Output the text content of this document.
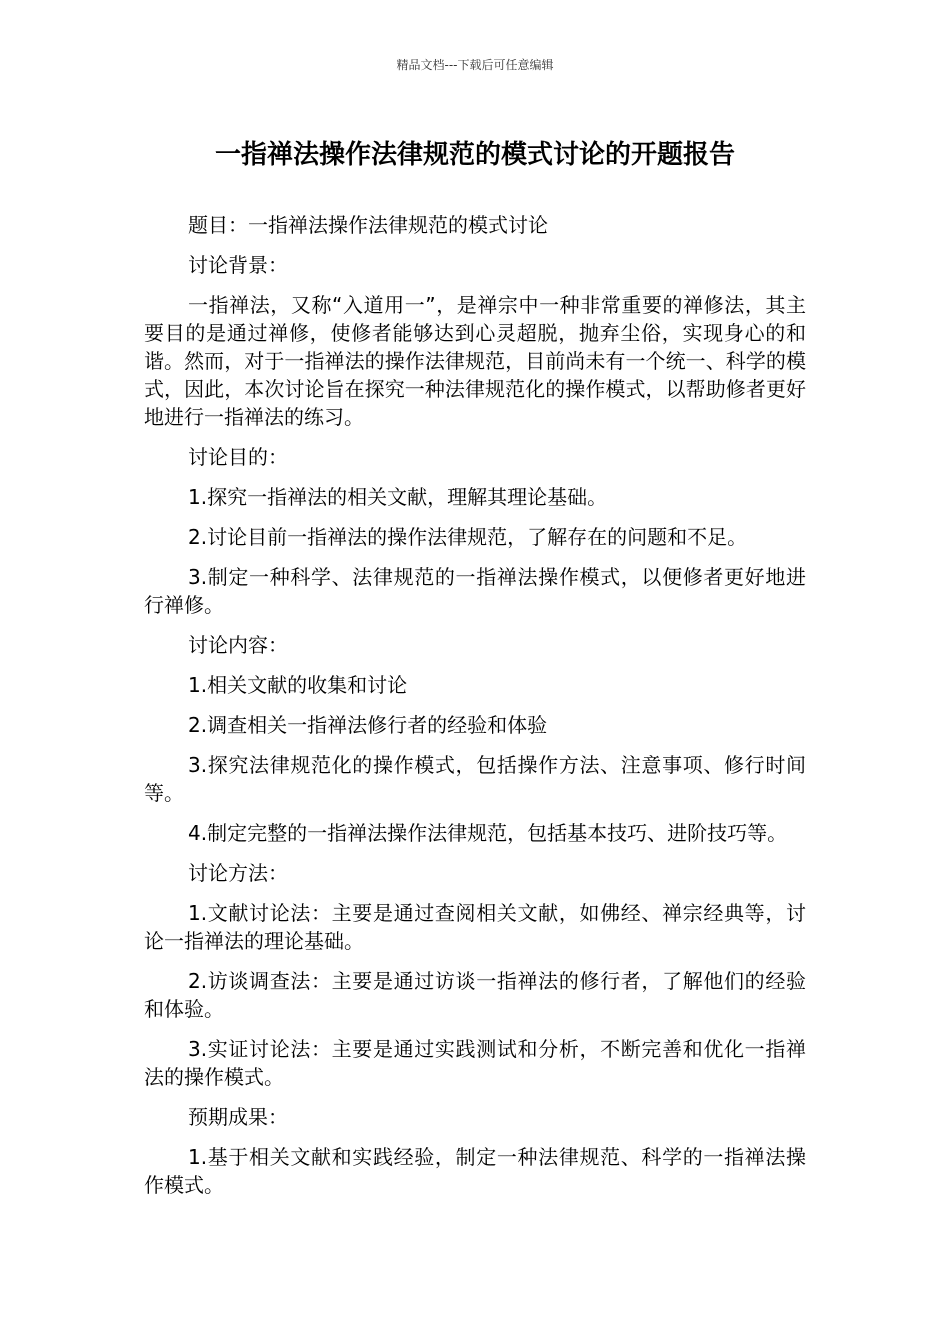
精品文档---下载后可任意编辑
一指禅法操作法律规范的模式讨论的开题报告

题目：一指禅法操作法律规范的模式讨论

讨论背景：

一指禅法，又称“入道用一”，是禅宗中一种非常重要的禅修法，其主要目的是通过禅修，使修者能够达到心灵超脱，抛弃尘俗，实现身心的和谐。然而，对于一指禅法的操作法律规范，目前尚未有一个统一、科学的模式，因此，本次讨论旨在探究一种法律规范化的操作模式，以帮助修者更好地进行一指禅法的练习。

讨论目的：

1.探究一指禅法的相关文献，理解其理论基础。

2.讨论目前一指禅法的操作法律规范，了解存在的问题和不足。

3.制定一种科学、法律规范的一指禅法操作模式，以便修者更好地进行禅修。

讨论内容：

1.相关文献的收集和讨论

2.调查相关一指禅法修行者的经验和体验

3.探究法律规范化的操作模式，包括操作方法、注意事项、修行时间等。

4.制定完整的一指禅法操作法律规范，包括基本技巧、进阶技巧等。

讨论方法：

1.文献讨论法：主要是通过查阅相关文献，如佛经、禅宗经典等，讨论一指禅法的理论基础。

2.访谈调查法：主要是通过访谈一指禅法的修行者，了解他们的经验和体验。

3.实证讨论法：主要是通过实践测试和分析，不断完善和优化一指禅法的操作模式。

预期成果：

1.基于相关文献和实践经验，制定一种法律规范、科学的一指禅法操作模式。
